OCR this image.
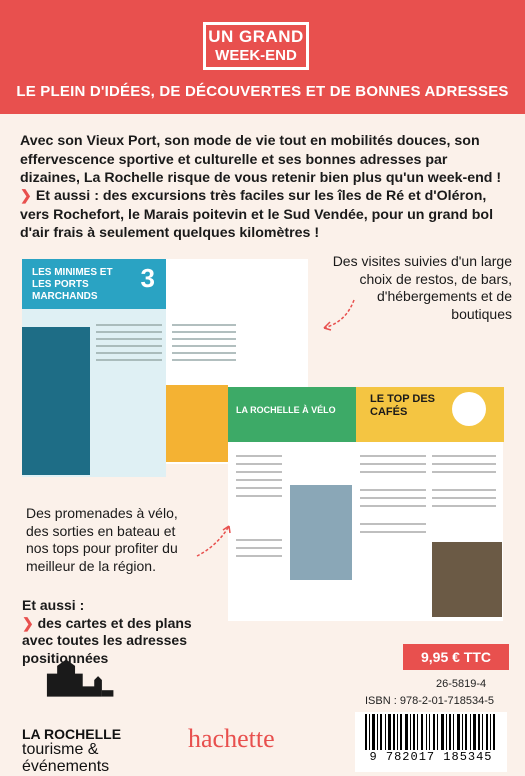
UN GRAND
WEEK-END
LE PLEIN D'IDÉES, DE DÉCOUVERTES ET DE BONNES ADRESSES
Avec son Vieux Port, son mode de vie tout en mobilités douces, son effervescence sportive et culturelle et ses bonnes adresses par dizaines, La Rochelle risque de vous retenir bien plus qu'un week-end !
❯ Et aussi : des excursions très faciles sur les îles de Ré et d'Oléron, vers Rochefort, le Marais poitevin et le Sud Vendée, pour un grand bol d'air frais à seulement quelques kilomètres !
LES MINIMES ET LES PORTS MARCHANDS
3
LA ROCHELLE À VÉLO
LE TOP DES CAFÉS
Des visites suivies d'un large choix de restos, de bars, d'hébergements et de boutiques
Des promenades à vélo, des sorties en bateau et nos tops pour profiter du meilleur de la région.
Et aussi :
❯ des cartes et des plans avec toutes les adresses positionnées	9,95 € TTC
26-5819-4
ISBN : 978-2-01-718534-5
9 782017 185345
LA ROCHELLE
tourisme &
événements
hachette
